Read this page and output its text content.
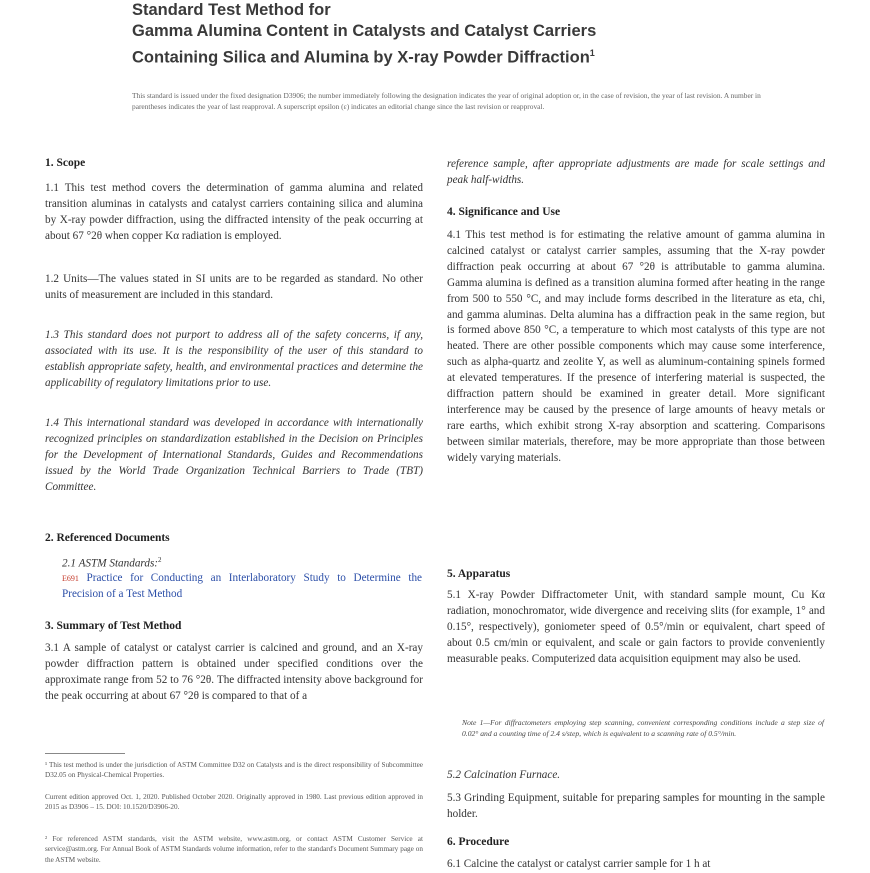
Standard Test Method for
Gamma Alumina Content in Catalysts and Catalyst Carriers
Containing Silica and Alumina by X-ray Powder Diffraction$^1$
This standard is issued under the fixed designation D3906; the number immediately following the designation indicates the year of original adoption or, in the case of revision, the year of last revision. A number in parentheses indicates the year of last reapproval. A superscript epsilon (ε) indicates an editorial change since the last revision or reapproval.
1. Scope
1.1 This test method covers the determination of gamma alumina and related transition aluminas in catalysts and catalyst carriers containing silica and alumina by X-ray powder diffraction, using the diffracted intensity of the peak occurring at about 67 °2θ when copper Kα radiation is employed.
1.2 Units—The values stated in SI units are to be regarded as standard. No other units of measurement are included in this standard.
1.3 This standard does not purport to address all of the safety concerns, if any, associated with its use. It is the responsibility of the user of this standard to establish appropriate safety, health, and environmental practices and determine the applicability of regulatory limitations prior to use.
1.4 This international standard was developed in accordance with internationally recognized principles on standardization established in the Decision on Principles for the Development of International Standards, Guides and Recommendations issued by the World Trade Organization Technical Barriers to Trade (TBT) Committee.
2. Referenced Documents
2.1 ASTM Standards:$^2$
E691 Practice for Conducting an Interlaboratory Study to Determine the Precision of a Test Method
3. Summary of Test Method
3.1 A sample of catalyst or catalyst carrier is calcined and ground, and an X-ray powder diffraction pattern is obtained under specified conditions over the approximate range from 52 to 76 °2θ. The diffracted intensity above background for the peak occurring at about 67 °2θ is compared to that of a
¹ This test method is under the jurisdiction of ASTM Committee D32 on Catalysts and is the direct responsibility of Subcommittee D32.05 on Physical-Chemical Properties.
Current edition approved Oct. 1, 2020. Published October 2020. Originally approved in 1980. Last previous edition approved in 2015 as D3906 – 15. DOI: 10.1520/D3906-20.
² For referenced ASTM standards, visit the ASTM website, www.astm.org, or contact ASTM Customer Service at service@astm.org. For Annual Book of ASTM Standards volume information, refer to the standard's Document Summary page on the ASTM website.
reference sample, after appropriate adjustments are made for scale settings and peak half-widths.
4. Significance and Use
4.1 This test method is for estimating the relative amount of gamma alumina in calcined catalyst or catalyst carrier samples, assuming that the X-ray powder diffraction peak occurring at about 67 °2θ is attributable to gamma alumina. Gamma alumina is defined as a transition alumina formed after heating in the range from 500 to 550 °C, and may include forms described in the literature as eta, chi, and gamma aluminas. Delta alumina has a diffraction peak in the same region, but is formed above 850 °C, a temperature to which most catalysts of this type are not heated. There are other possible components which may cause some interference, such as alpha-quartz and zeolite Y, as well as aluminum-containing spinels formed at elevated temperatures. If the presence of interfering material is suspected, the diffraction pattern should be examined in greater detail. More significant interference may be caused by the presence of large amounts of heavy metals or rare earths, which exhibit strong X-ray absorption and scattering. Comparisons between similar materials, therefore, may be more appropriate than those between widely varying materials.
5. Apparatus
5.1 X-ray Powder Diffractometer Unit, with standard sample mount, Cu Kα radiation, monochromator, wide divergence and receiving slits (for example, 1° and 0.15°, respectively), goniometer speed of 0.5°/min or equivalent, chart speed of about 0.5 cm/min or equivalent, and scale or gain factors to provide conveniently measurable peaks. Computerized data acquisition equipment may also be used.
Note 1—For diffractometers employing step scanning, convenient corresponding conditions include a step size of 0.02° and a counting time of 2.4 s/step, which is equivalent to a scanning rate of 0.5°/min.
5.2 Calcination Furnace.
5.3 Grinding Equipment, suitable for preparing samples for mounting in the sample holder.
6. Procedure
6.1 Calcine the catalyst or catalyst carrier sample for 1 h at
